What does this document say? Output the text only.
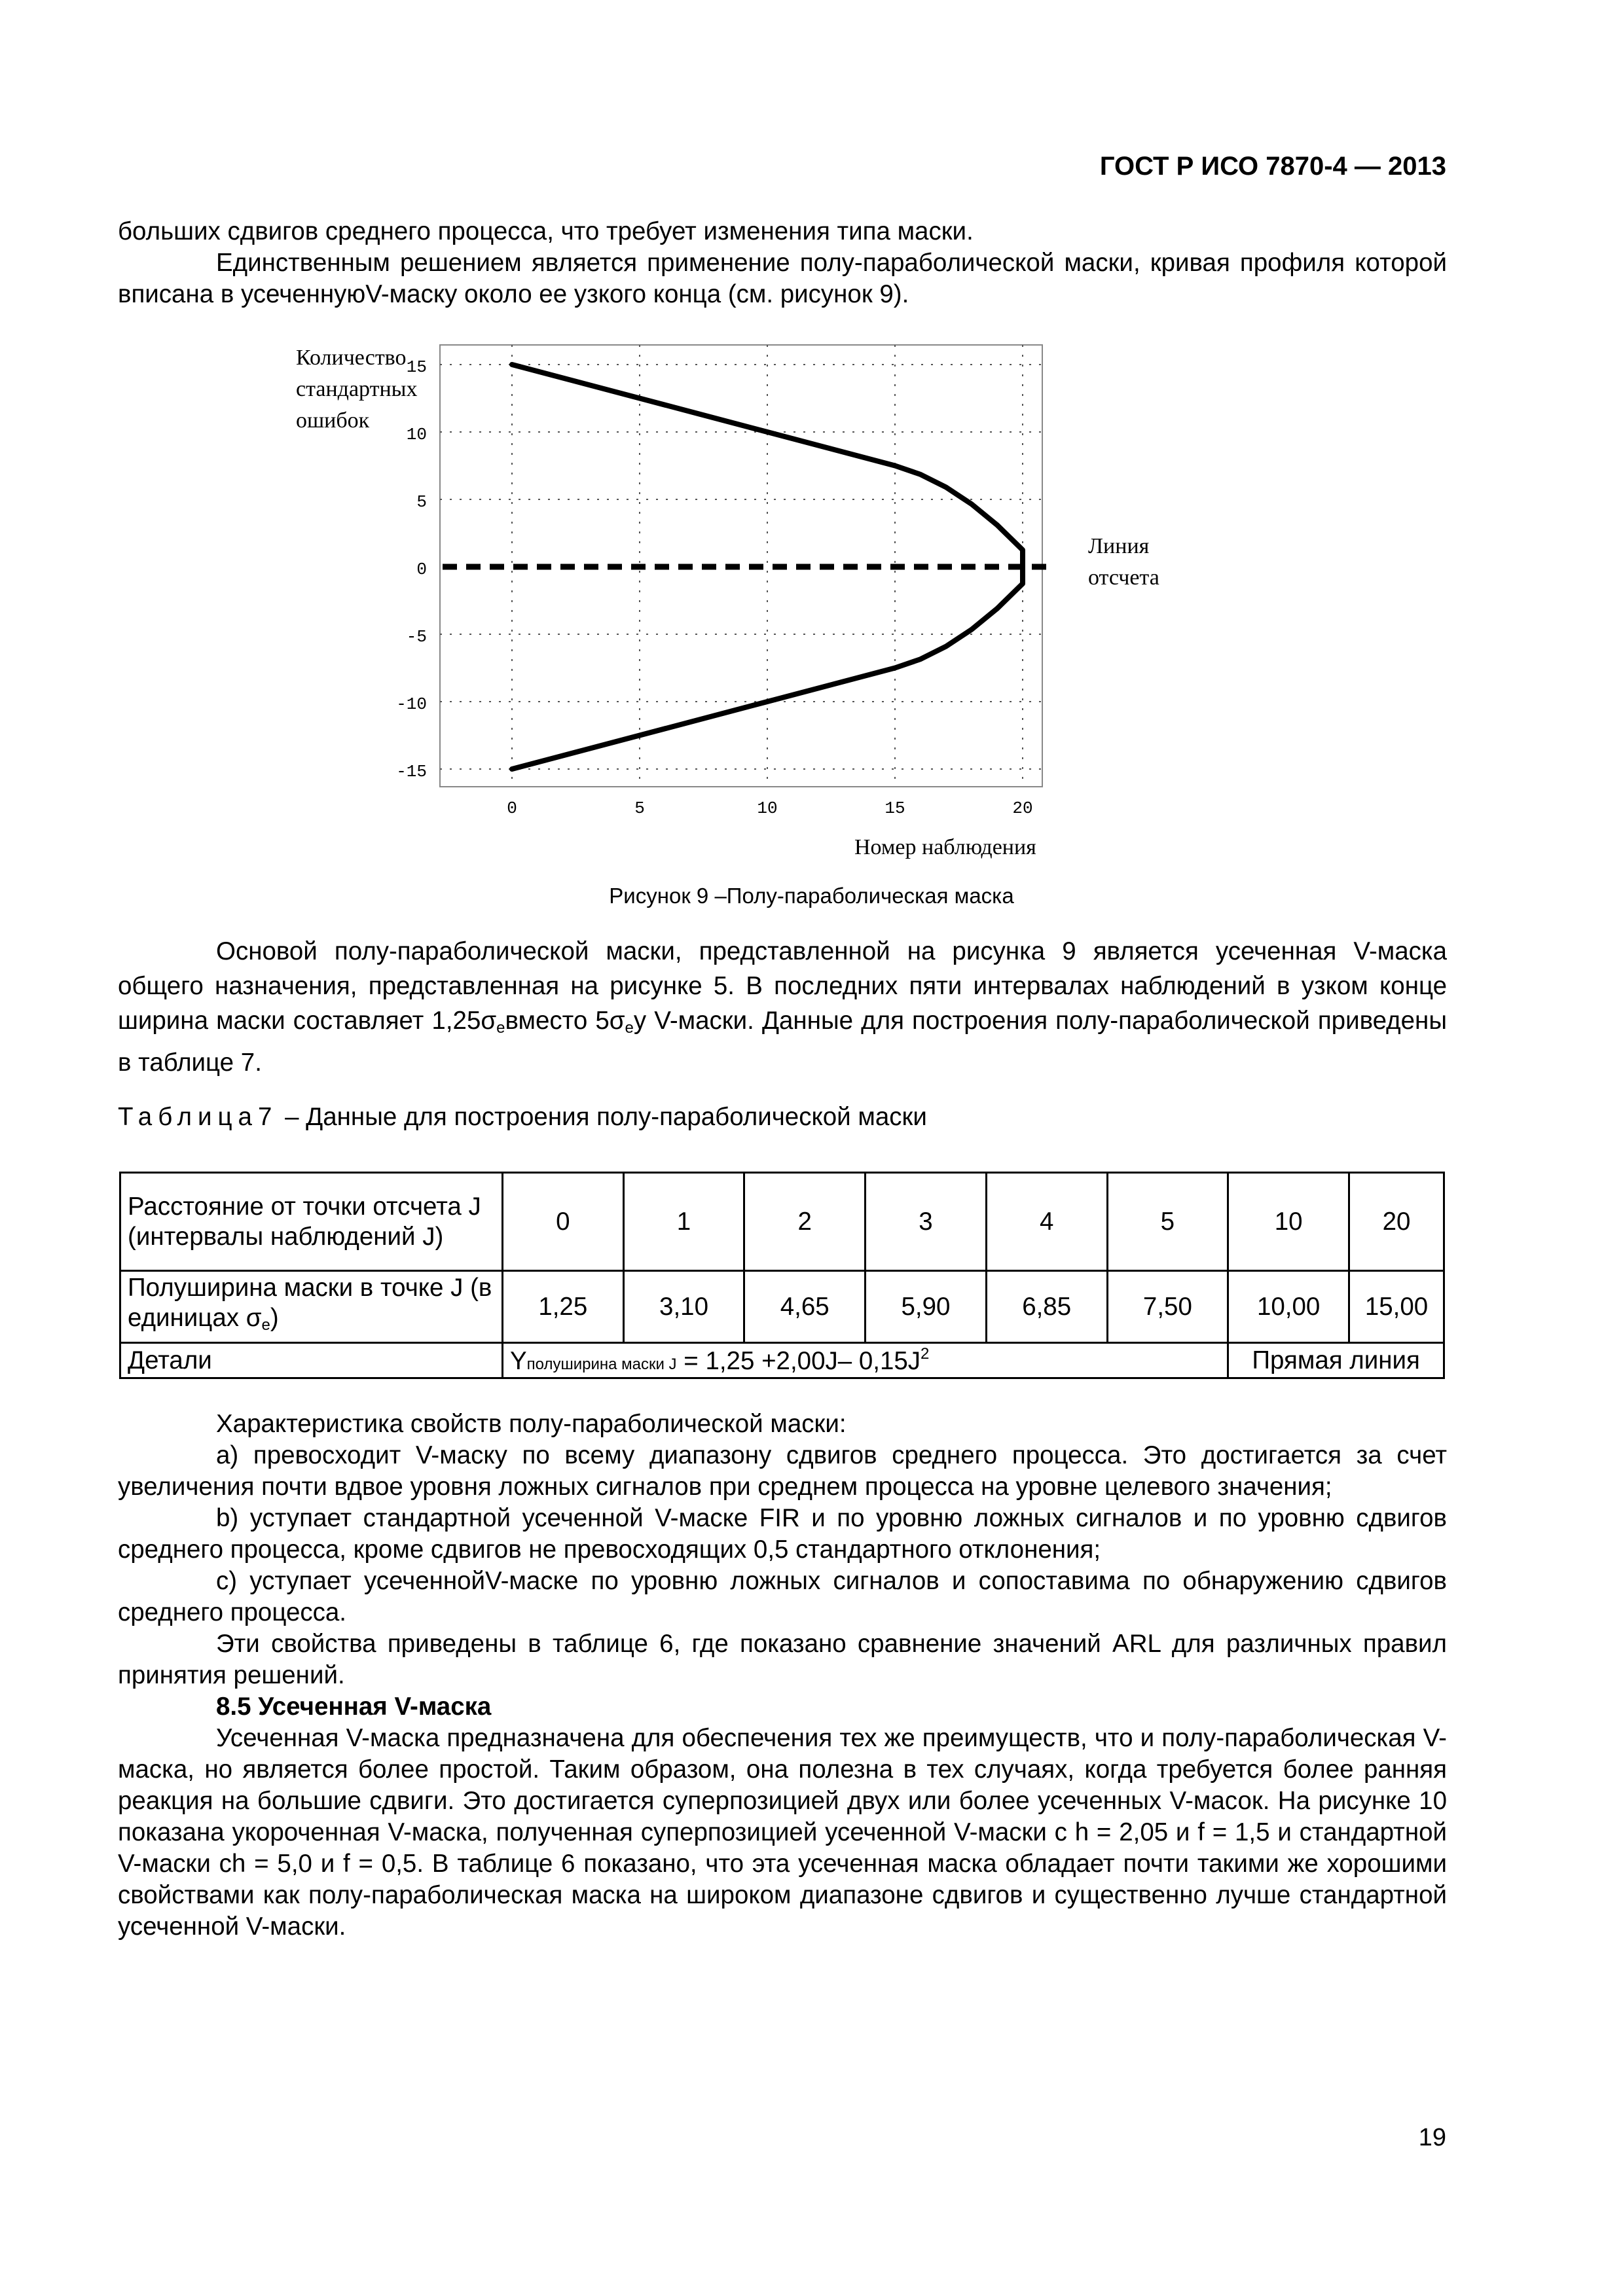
ГОСТ Р ИСО 7870-4 — 2013

больших сдвигов среднего процесса, что требует изменения типа маски.

Единственным решением является применение полу-параболической маски, кривая профиля которой вписана в усеченнуюV-маску около ее узкого конца (см. рисунок 9).

15
10
5
0
-5
-10
-15
0	5	10	15	20
Количество
стандартных
ошибок
Линия
отсчета
Номер наблюдения
Рисунок 9 –Полу-параболическая маска
Основой полу-параболической маски, представленной на рисунка 9 является усеченная V-маска общего назначения, представленная на рисунке 5. В последних пяти интервалах наблюдений в узком конце ширина маски составляет $1,25\sigma_eвместо$ $5\sigma_eу$ V-маски. Данные для построения полу-параболической приведены в таблице 7.
Таблица7 – Данные для построения полу-параболической маски
Расстояние от точки отсчета J (интервалы наблюдений J)	0	1	2	3	4	5	10	20
Полуширина маски в точке J (в единицах $\sigma_e$)	1,25	3,10	4,65	5,90	6,85	7,50	10,00	15,00
Детали	Yполуширина маски J = 1,25 +2,00J– $0,15J^2$						Прямая линия	

Характеристика свойств полу-параболической маски:

a) превосходит V-маску по всему диапазону сдвигов среднего процесса. Это достигается за счет увеличения почти вдвое уровня ложных сигналов при среднем процесса на уровне целевого значения;

b) уступает стандартной усеченной V-маске FIR и по уровню ложных сигналов и по уровню сдвигов среднего процесса, кроме сдвигов не превосходящих 0,5 стандартного отклонения;

c) уступает усеченнойV-маске по уровню ложных сигналов и сопоставима по обнаружению сдвигов среднего процесса.

Эти свойства приведены в таблице 6, где показано сравнение значений ARL для различных правил принятия решений.

8.5 Усеченная V-маска

Усеченная V-маска предназначена для обеспечения тех же преимуществ, что и полу-параболическая V-маска, но является более простой. Таким образом, она полезна в тех случаях, когда требуется более ранняя реакция на большие сдвиги. Это достигается суперпозицией двух или более усеченных V-масок. На рисунке 10 показана укороченная V-маска, полученная суперпозицией усеченной V-маски с h = 2,05 и f = 1,5 и стандартной V-маски сh = 5,0 и f = 0,5. В таблице 6 показано, что эта усеченная маска обладает почти такими же хорошими свойствами как полу-параболическая маска на широком диапазоне сдвигов и существенно лучше стандартной усеченной V-маски.

19
